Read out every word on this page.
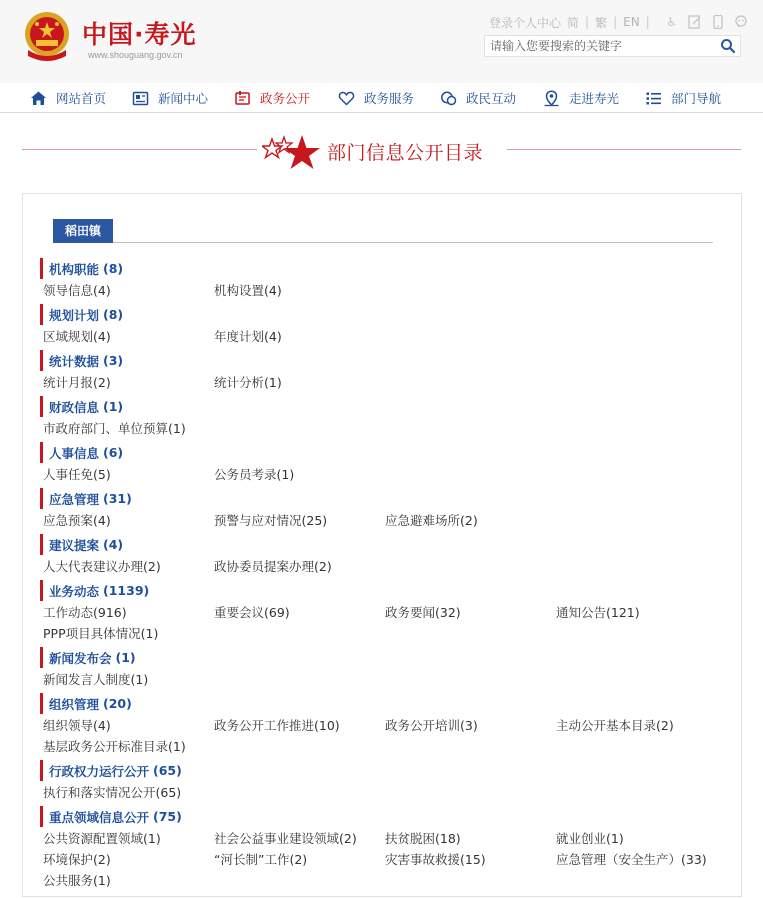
中国·寿光
www.shouguang.gov.cn
登录 个人中心 简 | 繁 | EN | ♿
请输入您要搜索的关键字
网站首页	新闻中心	政务公开	政务服务	政民互动	走进寿光	部门导航
部门信息公开目录
稻田镇
机构职能 (8)
领导信息(4)	机构设置(4)
规划计划 (8)
区域规划(4)	年度计划(4)
统计数据 (3)
统计月报(2)	统计分析(1)
财政信息 (1)
市政府部门、单位预算(1)
人事信息 (6)
人事任免(5)	公务员考录(1)
应急管理 (31)
应急预案(4)	预警与应对情况(25)	应急避难场所(2)
建议提案 (4)
人大代表建议办理(2)	政协委员提案办理(2)
业务动态 (1139)
工作动态(916)	重要会议(69)	政务要闻(32)	通知公告(121)
PPP项目具体情况(1)
新闻发布会 (1)
新闻发言人制度(1)
组织管理 (20)
组织领导(4)	政务公开工作推进(10)	政务公开培训(3)	主动公开基本目录(2)
基层政务公开标准目录(1)
行政权力运行公开 (65)
执行和落实情况公开(65)
重点领域信息公开 (75)
公共资源配置领域(1)	社会公益事业建设领域(2)	扶贫脱困(18)	就业创业(1)
环境保护(2)	“河长制”工作(2)	灾害事故救援(15)	应急管理（安全生产）(33)
公共服务(1)
